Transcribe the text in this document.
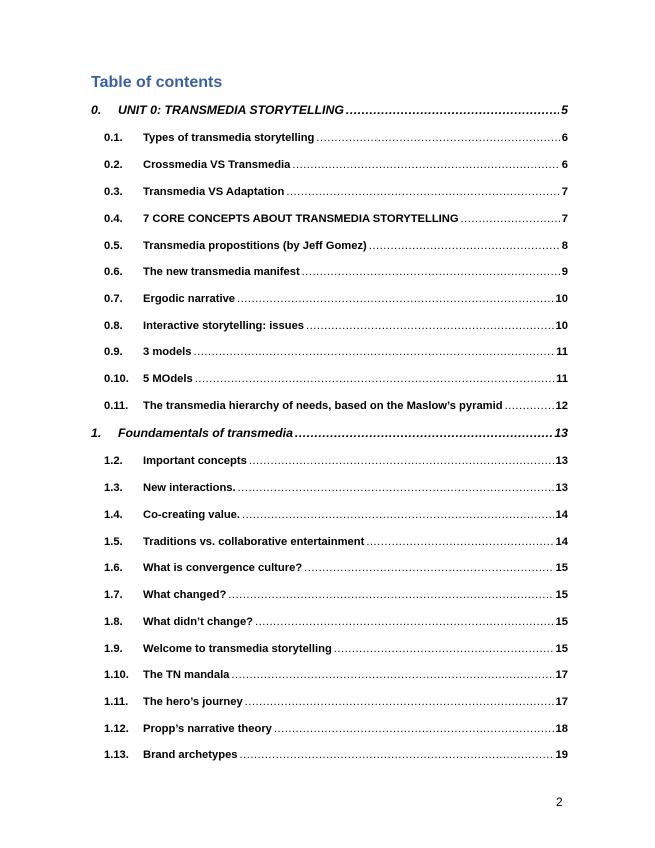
Table of contents
0.	UNIT 0: TRANSMEDIA STORYTELLING .....	5
0.1.	Types of transmedia storytelling .....	6
0.2.	Crossmedia VS Transmedia .....	6
0.3.	Transmedia VS Adaptation .....	7
0.4.	7 CORE CONCEPTS ABOUT TRANSMEDIA STORYTELLING .....	7
0.5.	Transmedia propostitions (by Jeff Gomez) .....	8
0.6.	The new transmedia manifest .....	9
0.7.	Ergodic narrative .....	10
0.8.	Interactive storytelling: issues .....	10
0.9.	3 models .....	11
0.10.	5 MOdels .....	11
0.11.	The transmedia hierarchy of needs, based on the Maslow’s pyramid .....	12
1.	Foundamentals of transmedia .....	13
1.2.	Important concepts .....	13
1.3.	New interactions. .....	13
1.4.	Co-creating value. .....	14
1.5.	Traditions vs. collaborative entertainment .....	14
1.6.	What is convergence culture? .....	15
1.7.	What changed? .....	15
1.8.	What didn’t change? .....	15
1.9.	Welcome to transmedia storytelling .....	15
1.10.	The TN mandala .....	17
1.11.	The hero’s journey .....	17
1.12.	Propp’s narrative theory .....	18
1.13.	Brand archetypes .....	19
2
